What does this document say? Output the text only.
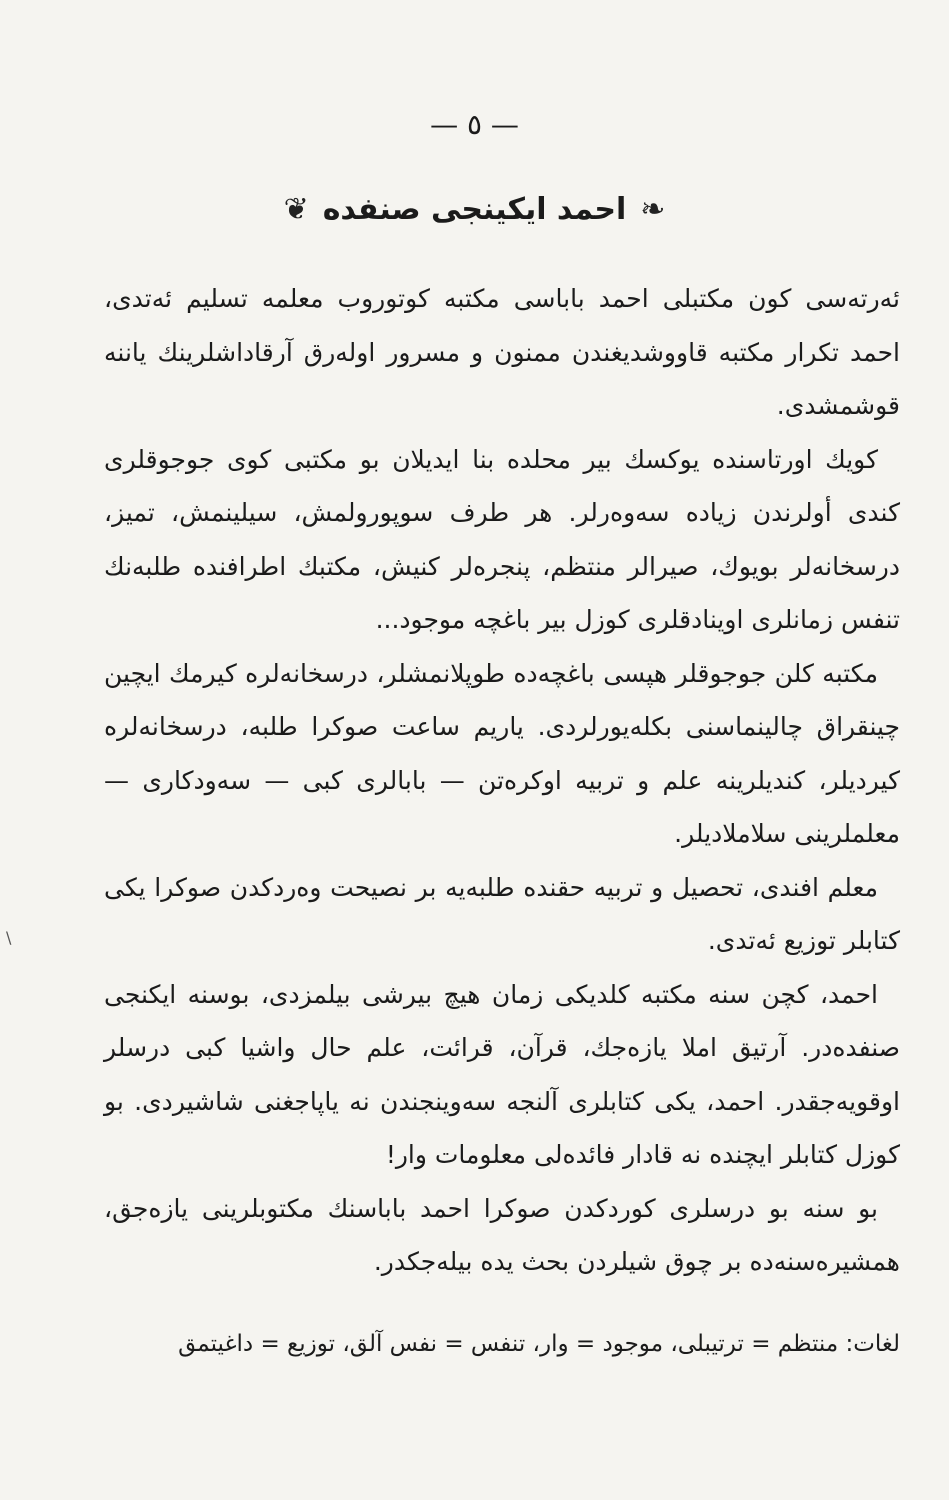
— ٥ —
❦ احمد ایکینجی صنفده ❧
\

ئەرتەسی کون مکتبلی احمد بابا‌سی مکتبه کوتوروب معلمه تسلیم ئەتدی، احمد تکرار مکتبه قاووشدیغندن ممنون و مسرور اولەرق آرقاداشلرینك یاننه قوشمشدی.

کویك اورتاسنده یوکسك بیر محلده بنا ایدیلان بو مکتبی کوی جوجوقلری کندی أولرندن زیاده سەوەرلر. هر طرف سوپورولمش، سیلینمش، تمیز، درسخانەلر بویوك، صیرالر منتظم، پنجرەلر کنیش، مکتبك اطرافنده طلبەنك تنفس زمانلری اوینادقلری کوزل بیر باغچه موجود...

مکتبه کلن جوجوقلر هپسی باغچەده طوپلانمشلر، درسخانەلره کیرمك ایچین چینقراق چالینماسنی بکلەیورلردی. یاریم ساعت صوکرا طلبه، درسخانەلره کیردیلر، کندیلرینه علم و تربیه اوکرەتن — بابالری کبی — سەودکاری — معلملرینی سلاملادیلر.

معلم افندی، تحصیل و تربیه حقنده طلبەیه بر نصیحت وەردکدن صوکرا یکی کتابلر توزیع ئەتدی.

احمد، کچن سنه مکتبه کلدیکی زمان هیچ بیرشی بیلمزدی، بوسنه ایکنجی صنفدەدر. آرتیق املا یازەجك، قرآن، قرائت، علم حال واشیا کبی درسلر اوقویەجقدر. احمد، یکی کتابلری آلنجه سەوینجندن نه یاپاجغنی شاشیردی. بو کوزل کتابلر ایچنده نه قادار فائدەلی معلومات وار!

بو سنه بو درسلری کوردکدن صوکرا احمد باباسنك مکتوبلرینی یازەجق، همشیرەسنەده بر چوق شیلردن بحث یده بیلەجکدر.

لغات: منتظم = ترتیبلی، موجود = وار، تنفس = نفس آلق، توزیع = داغیتمق
